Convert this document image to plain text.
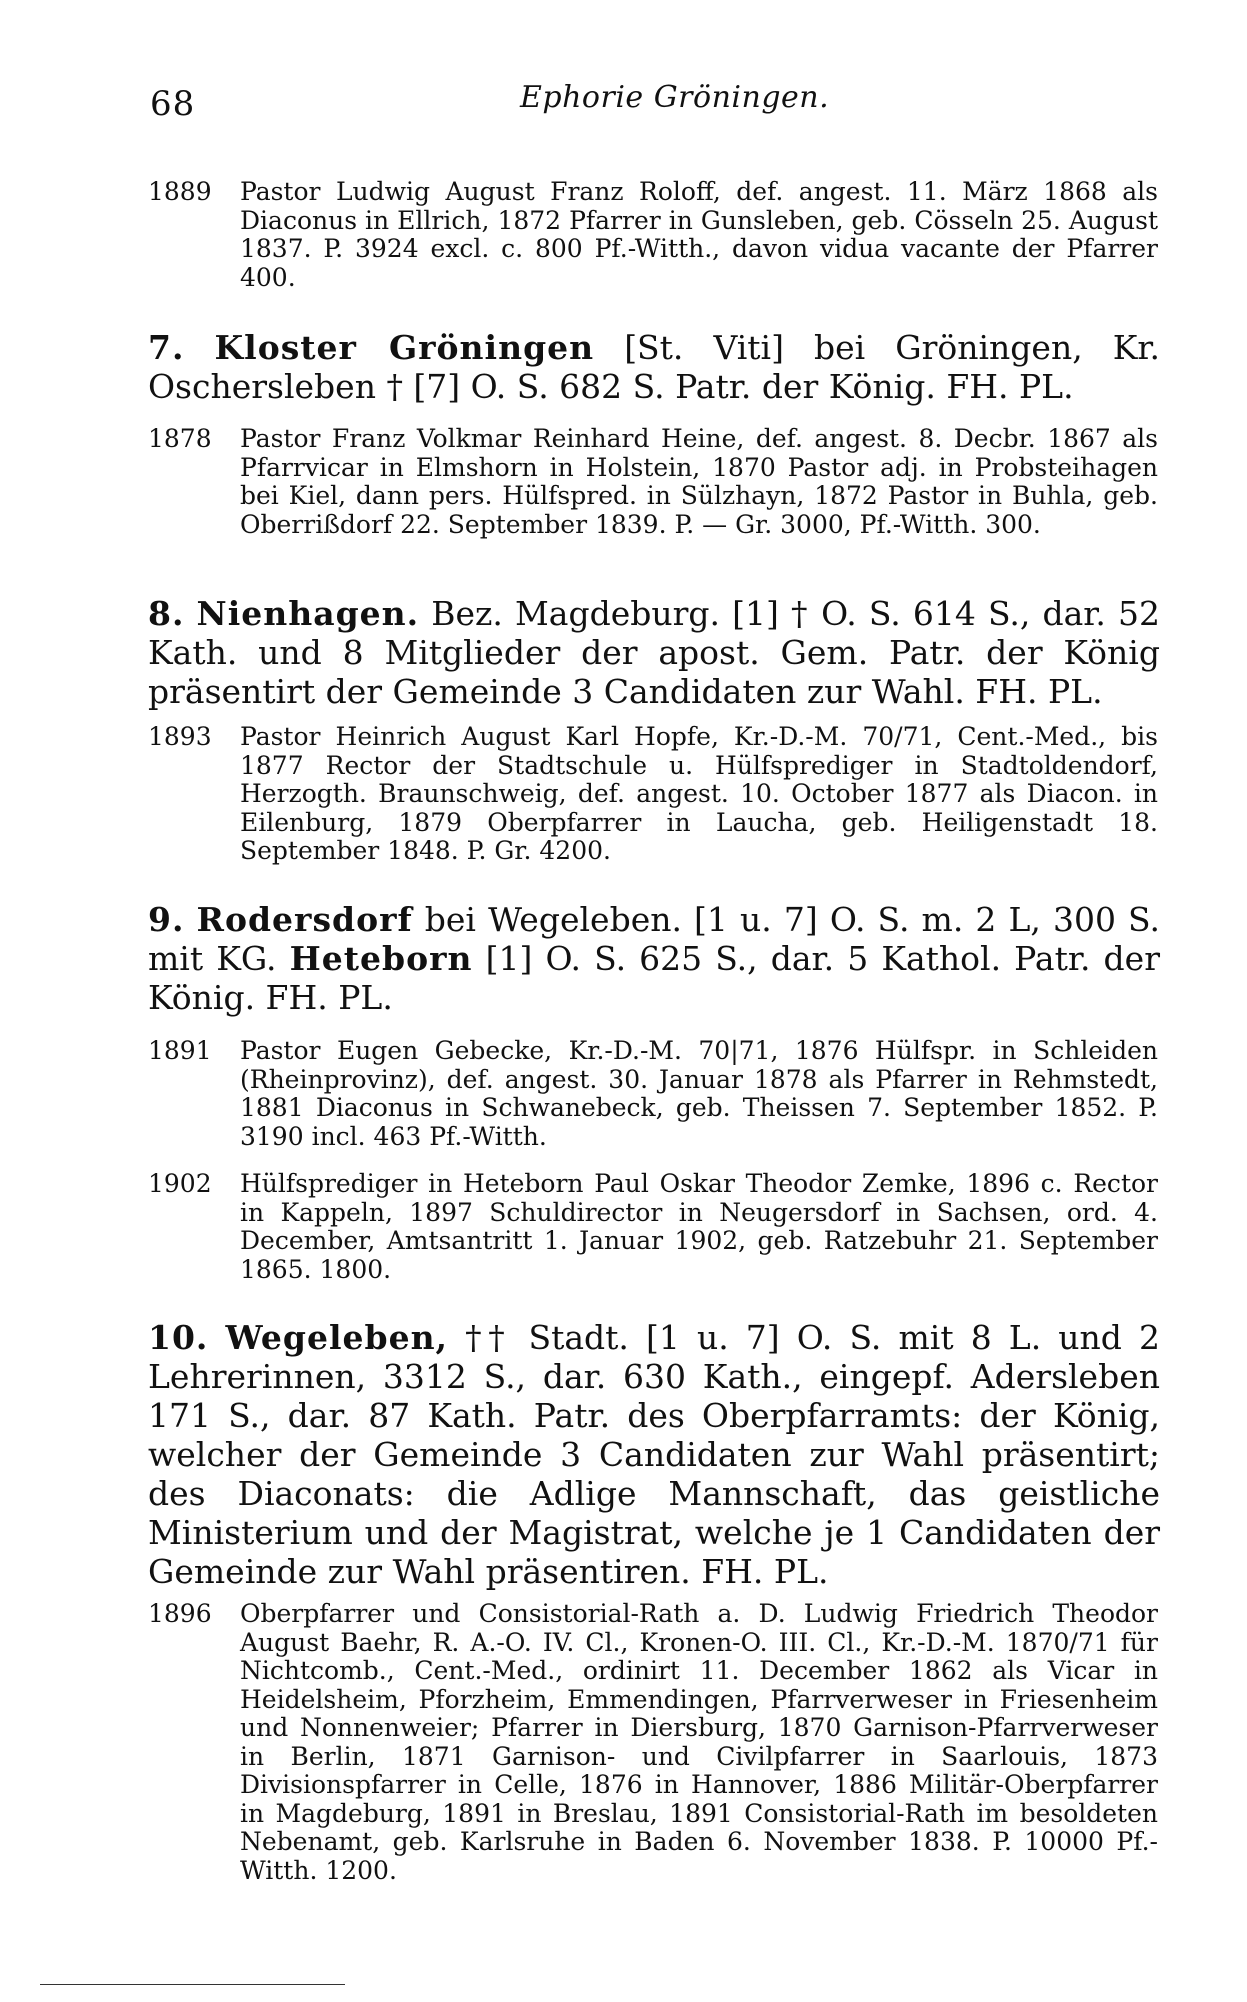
68	Ephorie Gröningen.
1889	Pastor Ludwig August Franz Roloff, def. angest. 11. März 1868 als Diaconus in Ellrich, 1872 Pfarrer in Gunsleben, geb. Cösseln 25. August 1837. P. 3924 excl. c. 800 Pf.-Witth., davon vidua vacante der Pfarrer 400.

7. Kloster Gröningen [St. Viti] bei Gröningen, Kr. Oschersleben † [7] O. S. 682 S. Patr. der König. FH. PL.

1878	Pastor Franz Volkmar Reinhard Heine, def. angest. 8. Decbr. 1867 als Pfarrvicar in Elmshorn in Holstein, 1870 Pastor adj. in Probsteihagen bei Kiel, dann pers. Hülfspred. in Sülzhayn, 1872 Pastor in Buhla, geb. Oberrißdorf 22. September 1839. P. — Gr. 3000, Pf.-Witth. 300.

8. Nienhagen. Bez. Magdeburg. [1] † O. S. 614 S., dar. 52 Kath. und 8 Mitglieder der apost. Gem. Patr. der König präsentirt der Gemeinde 3 Candidaten zur Wahl. FH. PL.

1893	Pastor Heinrich August Karl Hopfe, Kr.-D.-M. 70/71, Cent.-Med., bis 1877 Rector der Stadtschule u. Hülfsprediger in Stadtoldendorf, Herzogth. Braunschweig, def. angest. 10. October 1877 als Diacon. in Eilenburg, 1879 Oberpfarrer in Laucha, geb. Heiligenstadt 18. September 1848. P. Gr. 4200.

9. Rodersdorf bei Wegeleben. [1 u. 7] O. S. m. 2 L, 300 S. mit KG. Heteborn [1] O. S. 625 S., dar. 5 Kathol. Patr. der König. FH. PL.

1891	Pastor Eugen Gebecke, Kr.-D.-M. 70|71, 1876 Hülfspr. in Schleiden (Rheinprovinz), def. angest. 30. Januar 1878 als Pfarrer in Rehmstedt, 1881 Diaconus in Schwanebeck, geb. Theissen 7. September 1852. P. 3190 incl. 463 Pf.-Witth.

1902	Hülfsprediger in Heteborn Paul Oskar Theodor Zemke, 1896 c. Rector in Kappeln, 1897 Schuldirector in Neugersdorf in Sachsen, ord. 4. December, Amtsantritt 1. Januar 1902, geb. Ratzebuhr 21. September 1865. 1800.

10. Wegeleben, †† Stadt. [1 u. 7] O. S. mit 8 L. und 2 Lehrerinnen, 3312 S., dar. 630 Kath., eingepf. Adersleben 171 S., dar. 87 Kath. Patr. des Oberpfarramts: der König, welcher der Gemeinde 3 Candidaten zur Wahl präsentirt; des Diaconats: die Adlige Mannschaft, das geistliche Ministerium und der Magistrat, welche je 1 Candidaten der Gemeinde zur Wahl präsentiren. FH. PL.

1896	Oberpfarrer und Consistorial-Rath a. D. Ludwig Friedrich Theodor August Baehr, R. A.-O. IV. Cl., Kronen-O. III. Cl., Kr.-D.-M. 1870/71 für Nichtcomb., Cent.-Med., ordinirt 11. December 1862 als Vicar in Heidelsheim, Pforzheim, Emmendingen, Pfarrverweser in Friesenheim und Nonnenweier; Pfarrer in Diersburg, 1870 Garnison-Pfarrverweser in Berlin, 1871 Garnison- und Civilpfarrer in Saarlouis, 1873 Divisionspfarrer in Celle, 1876 in Hannover, 1886 Militär-Oberpfarrer in Magdeburg, 1891 in Breslau, 1891 Consistorial-Rath im besoldeten Nebenamt, geb. Karlsruhe in Baden 6. November 1838. P. 10000 Pf.-Witth. 1200.
